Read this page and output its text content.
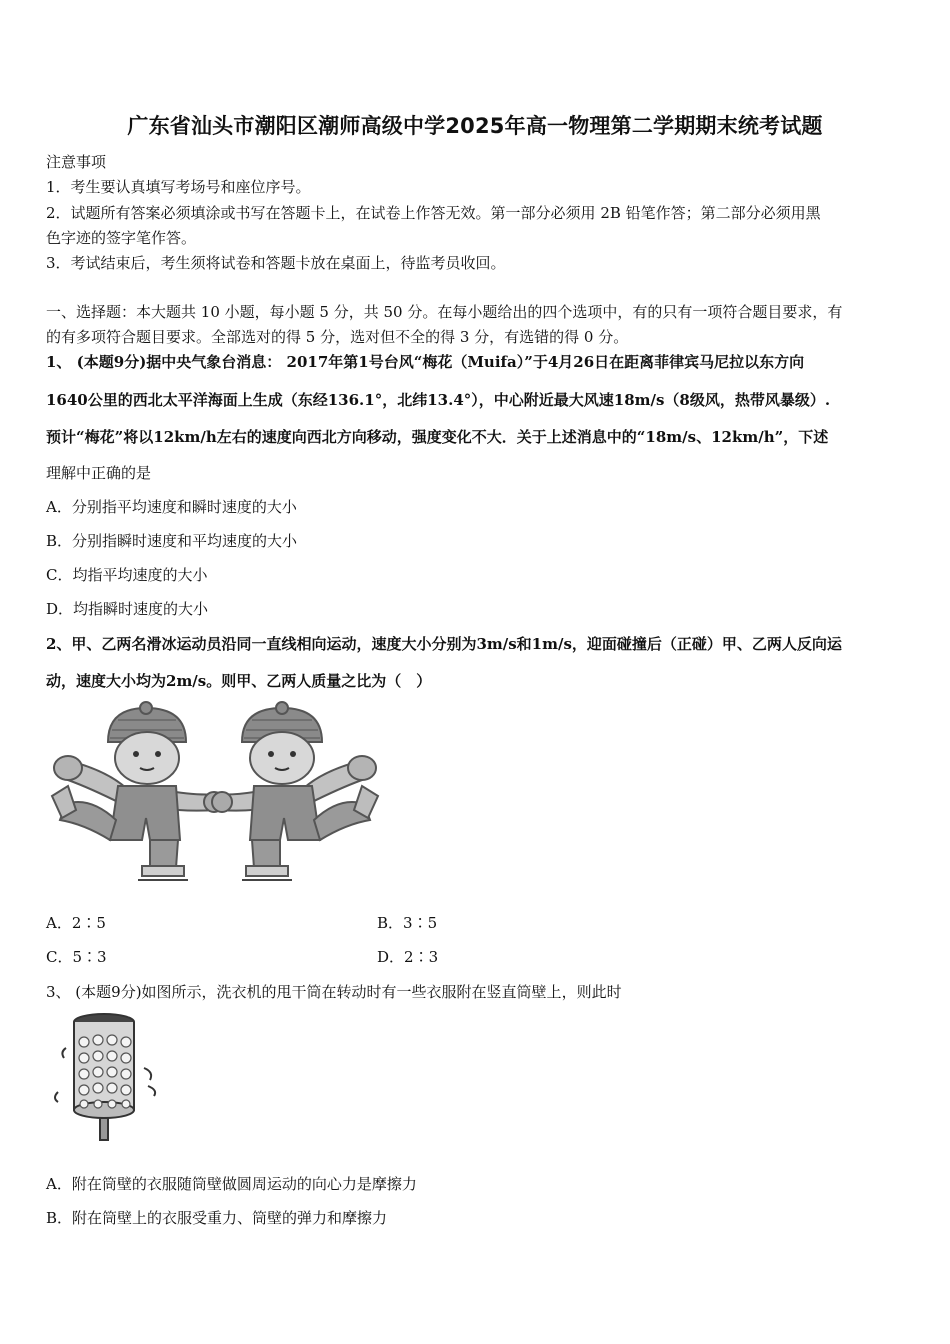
广东省汕头市潮阳区潮师高级中学2025年高一物理第二学期期末统考试题
注意事项
1．考生要认真填写考场号和座位序号。
2．试题所有答案必须填涂或书写在答题卡上，在试卷上作答无效。第一部分必须用 2B 铅笔作答；第二部分必须用黑
色字迹的签字笔作答。
3．考试结束后，考生须将试卷和答题卡放在桌面上，待监考员收回。
一、选择题：本大题共 10 小题，每小题 5 分，共 50 分。在每小题给出的四个选项中，有的只有一项符合题目要求，有
的有多项符合题目要求。全部选对的得 5 分，选对但不全的得 3 分，有选错的得 0 分。
1、 (本题9分)据中央气象台消息： 2017年第1号台风“梅花（Muifa）”于4月26日在距离菲律宾马尼拉以东方向
1640公里的西北太平洋海面上生成（东经136.1°，北纬13.4°），中心附近最大风速18m/s（8级风，热带风暴级）.
预计“梅花”将以12km/h左右的速度向西北方向移动，强度变化不大．关于上述消息中的“18m/s、12km/h”，下述
理解中正确的是
A．分别指平均速度和瞬时速度的大小
B．分别指瞬时速度和平均速度的大小
C．均指平均速度的大小
D．均指瞬时速度的大小
2、甲、乙两名滑冰运动员沿同一直线相向运动，速度大小分别为3m/s和1m/s，迎面碰撞后（正碰）甲、乙两人反向运
动，速度大小均为2m/s。则甲、乙两人质量之比为（　）
A．2∶5	B．3∶5
C．5∶3	D．2∶3
3、 (本题9分)如图所示，洗衣机的甩干筒在转动时有一些衣服附在竖直筒壁上，则此时
A．附在筒壁的衣服随筒壁做圆周运动的向心力是摩擦力
B．附在筒壁上的衣服受重力、筒壁的弹力和摩擦力
